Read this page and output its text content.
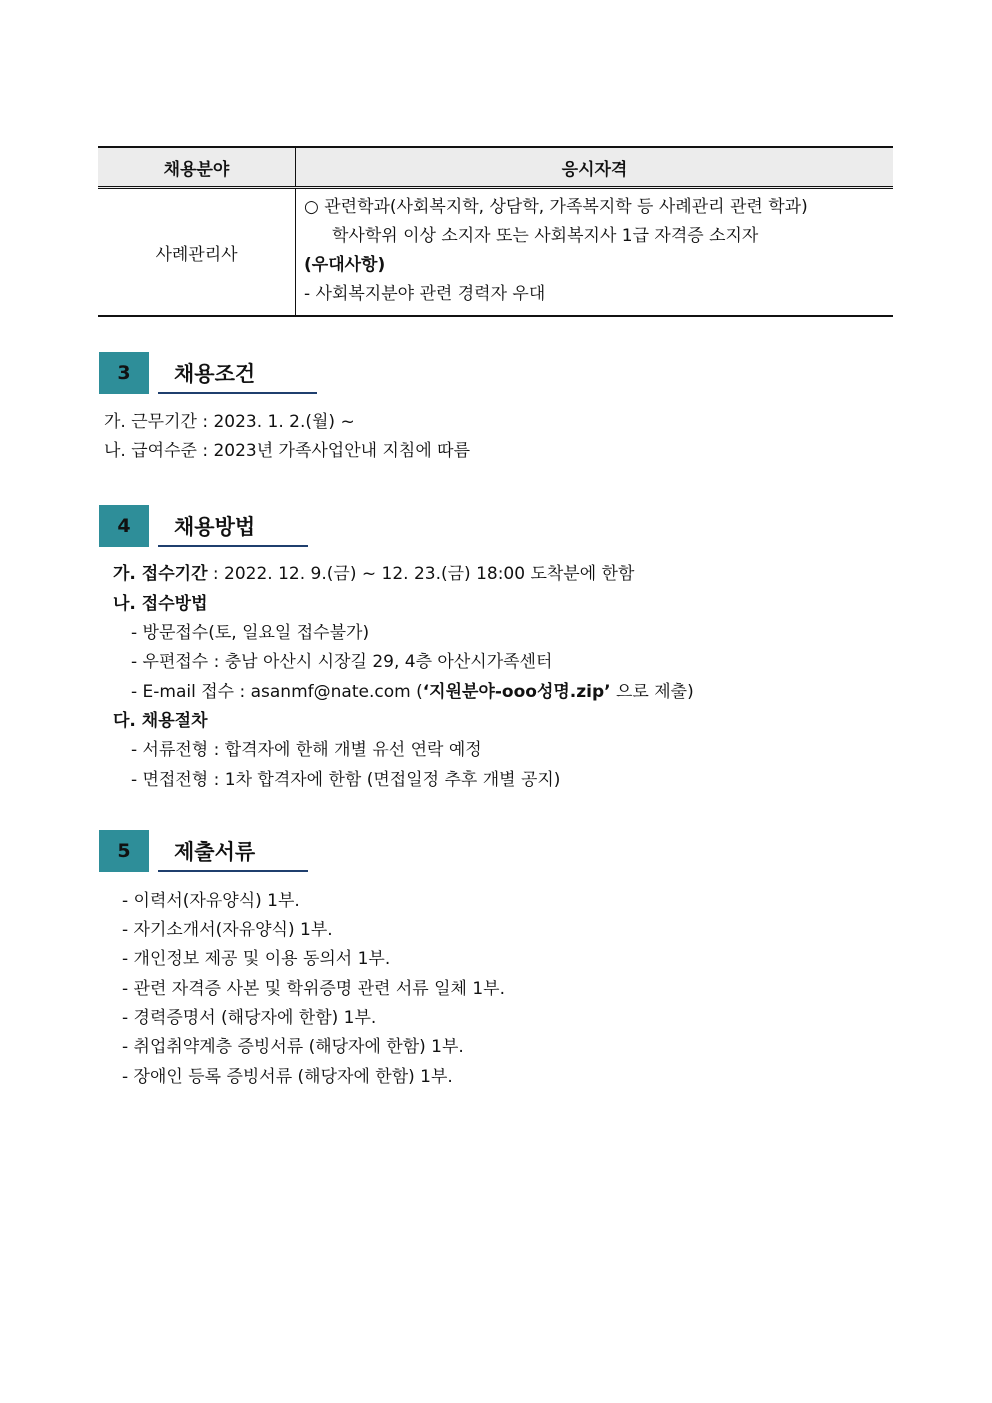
채용분야	응시자격
사례관리사	○ 관련학과(사회복지학, 상담학, 가족복지학 등 사례관리 관련 학과)
학사학위 이상 소지자 또는 사회복지사 1급 자격증 소지자
(우대사항)
- 사회복지분야 관련 경력자 우대
3	채용조건
가. 근무기간 : 2023. 1. 2.(월) ~
나. 급여수준 : 2023년 가족사업안내 지침에 따름
4	채용방법
가. 접수기간 : 2022. 12. 9.(금) ~ 12. 23.(금) 18:00 도착분에 한함
나. 접수방법
- 방문접수(토, 일요일 접수불가)
- 우편접수 : 충남 아산시 시장길 29, 4층 아산시가족센터
- E-mail 접수 : asanmf@nate.com (‘지원분야-ooo성명.zip’ 으로 제출)
다. 채용절차
- 서류전형 : 합격자에 한해 개별 유선 연락 예정
- 면접전형 : 1차 합격자에 한함 (면접일정 추후 개별 공지)
5	제출서류
- 이력서(자유양식) 1부.
- 자기소개서(자유양식) 1부.
- 개인정보 제공 및 이용 동의서 1부.
- 관련 자격증 사본 및 학위증명 관련 서류 일체 1부.
- 경력증명서 (해당자에 한함) 1부.
- 취업취약계층 증빙서류 (해당자에 한함) 1부.
- 장애인 등록 증빙서류 (해당자에 한함) 1부.
